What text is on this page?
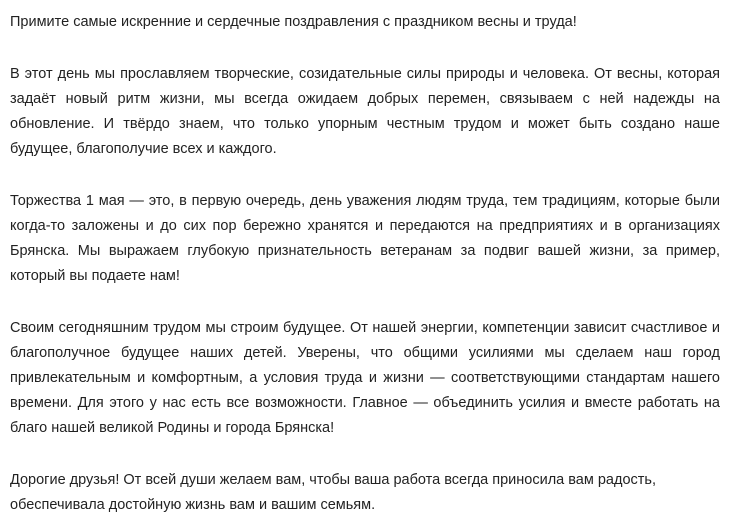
Примите самые искренние и сердечные поздравления с праздником весны и труда!

В этот день мы прославляем творческие, созидательные силы природы и человека. От весны, которая задаёт новый ритм жизни, мы всегда ожидаем добрых перемен, связываем с ней надежды на обновление. И твёрдо знаем, что только упорным честным трудом и может быть создано наше будущее, благополучие всех и каждого.

Торжества 1 мая — это, в первую очередь, день уважения людям труда, тем традициям, которые были когда-то заложены и до сих пор бережно хранятся и передаются на предприятиях и в организациях Брянска. Мы выражаем глубокую признательность ветеранам за подвиг вашей жизни, за пример, который вы подаете нам!

Своим сегодняшним трудом мы строим будущее. От нашей энергии, компетенции зависит счастливое и благополучное будущее наших детей. Уверены, что общими усилиями мы сделаем наш город привлекательным и комфортным, а условия труда и жизни — соответствующими стандартам нашего времени. Для этого у нас есть все возможности. Главное — объединить усилия и вместе работать на благо нашей великой Родины и города Брянска!

Дорогие друзья! От всей души желаем вам, чтобы ваша работа всегда приносила вам радость, обеспечивала достойную жизнь вам и вашим семьям.
